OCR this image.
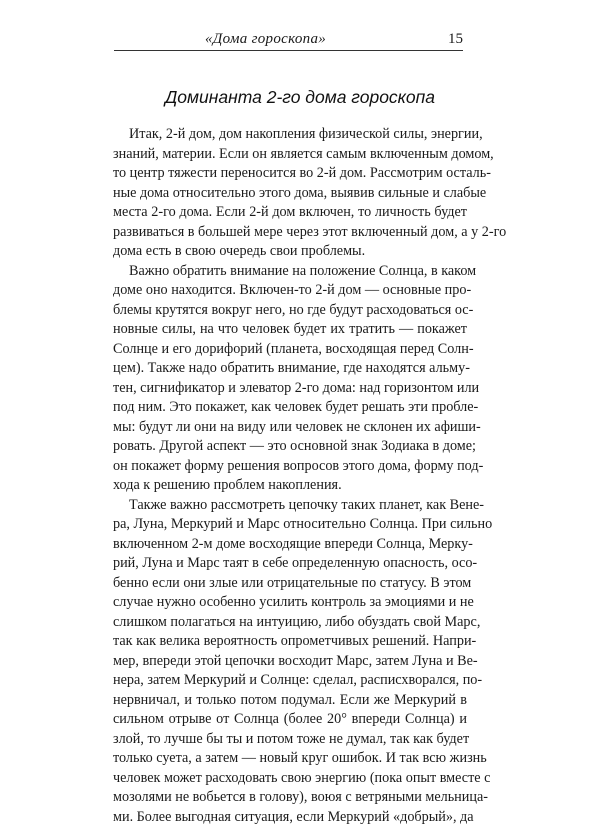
«Дома гороскопа»	15
Доминанта 2-го дома гороскопа
Итак, 2-й дом, дом накопления физической силы, энергии,
знаний, материи. Если он является самым включенным домом,
то центр тяжести переносится во 2-й дом. Рассмотрим осталь-
ные дома относительно этого дома, выявив сильные и слабые
места 2-го дома. Если 2-й дом включен, то личность будет
развиваться в большей мере через этот включенный дом, а у 2-го
дома есть в свою очередь свои проблемы.
Важно обратить внимание на положение Солнца, в каком
доме оно находится. Включен-то 2-й дом — основные про-
блемы крутятся вокруг него, но где будут расходоваться ос-
новные силы, на что человек будет их тратить — покажет
Солнце и его дорифорий (планета, восходящая перед Солн-
цем). Также надо обратить внимание, где находятся альму-
тен, сигнификатор и элеватор 2-го дома: над горизонтом или
под ним. Это покажет, как человек будет решать эти пробле-
мы: будут ли они на виду или человек не склонен их афиши-
ровать. Другой аспект — это основной знак Зодиака в доме;
он покажет форму решения вопросов этого дома, форму под-
хода к решению проблем накопления.
Также важно рассмотреть цепочку таких планет, как Вене-
ра, Луна, Меркурий и Марс относительно Солнца. При сильно
включенном 2-м доме восходящие впереди Солнца, Мерку-
рий, Луна и Марс таят в себе определенную опасность, осо-
бенно если они злые или отрицательные по статусу. В этом
случае нужно особенно усилить контроль за эмоциями и не
слишком полагаться на интуицию, либо обуздать свой Марс,
так как велика вероятность опрометчивых решений. Напри-
мер, впереди этой цепочки восходит Марс, затем Луна и Ве-
нера, затем Меркурий и Солнце: сделал, расписхворался, по-
нервничал, и только потом подумал. Если же Меркурий в
сильном отрыве от Солнца (более 20° впереди Солнца) и
злой, то лучше бы ты и потом тоже не думал, так как будет
только суета, а затем — новый круг ошибок. И так всю жизнь
человек может расходовать свою энергию (пока опыт вместе с
мозолями не вобьется в голову), воюя с ветряными мельница-
ми. Более выгодная ситуация, если Меркурий «добрый», да
